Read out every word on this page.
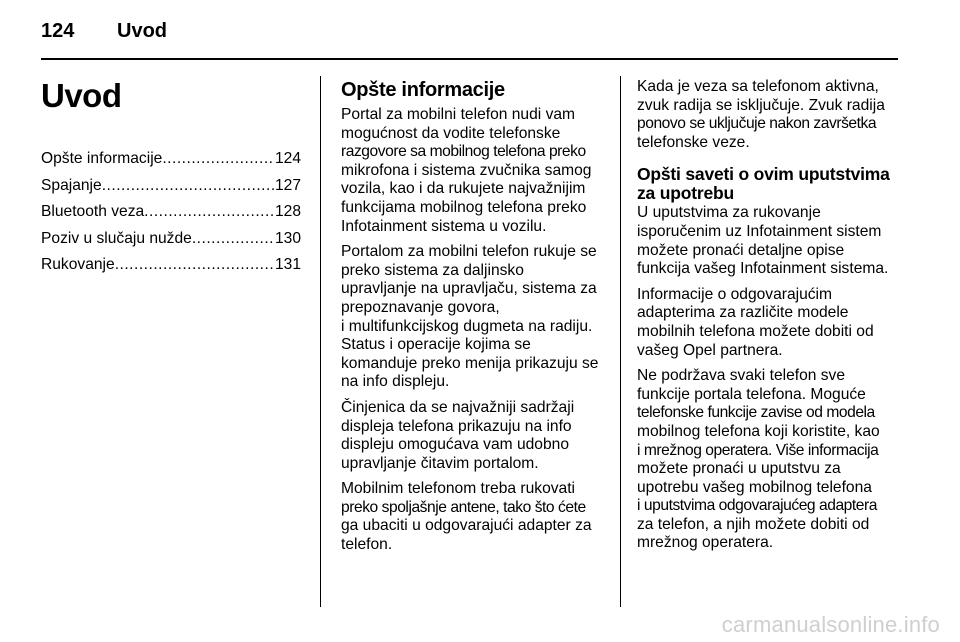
124 Uvod
Uvod
Opšte informacije .....	124
Spajanje .....	127
Bluetooth veza .....	128
Poziv u slučaju nužde .....	130
Rukovanje .....	131
Opšte informacije

Portal za mobilni telefon nudi vam
mogućnost da vodite telefonske
razgovore sa mobilnog telefona preko
mikrofona i sistema zvučnika samog
vozila, kao i da rukujete najvažnijim
funkcijama mobilnog telefona preko
Infotainment sistema u vozilu.

Portalom za mobilni telefon rukuje se
preko sistema za daljinsko
upravljanje na upravljaču, sistema za
prepoznavanje govora,
i multifunkcijskog dugmeta na radiju.
Status i operacije kojima se
komanduje preko menija prikazuju se
na info displeju.

Činjenica da se najvažniji sadržaji
displeja telefona prikazuju na info
displeju omogućava vam udobno
upravljanje čitavim portalom.

Mobilnim telefonom treba rukovati
preko spoljašnje antene, tako što ćete
ga ubaciti u odgovarajući adapter za
telefon.

Kada je veza sa telefonom aktivna,
zvuk radija se isključuje. Zvuk radija
ponovo se uključuje nakon završetka
telefonske veze.

Opšti saveti o ovim uputstvima
za upotrebu

U uputstvima za rukovanje
isporučenim uz Infotainment sistem
možete pronaći detaljne opise
funkcija vašeg Infotainment sistema.

Informacije o odgovarajućim
adapterima za različite modele
mobilnih telefona možete dobiti od
vašeg Opel partnera.

Ne podržava svaki telefon sve
funkcije portala telefona. Moguće
telefonske funkcije zavise od modela
mobilnog telefona koji koristite, kao
i mrežnog operatera. Više informacija
možete pronaći u uputstvu za
upotrebu vašeg mobilnog telefona
i uputstvima odgovarajućeg adaptera
za telefon, a njih možete dobiti od
mrežnog operatera.

carmanualsonline.info
